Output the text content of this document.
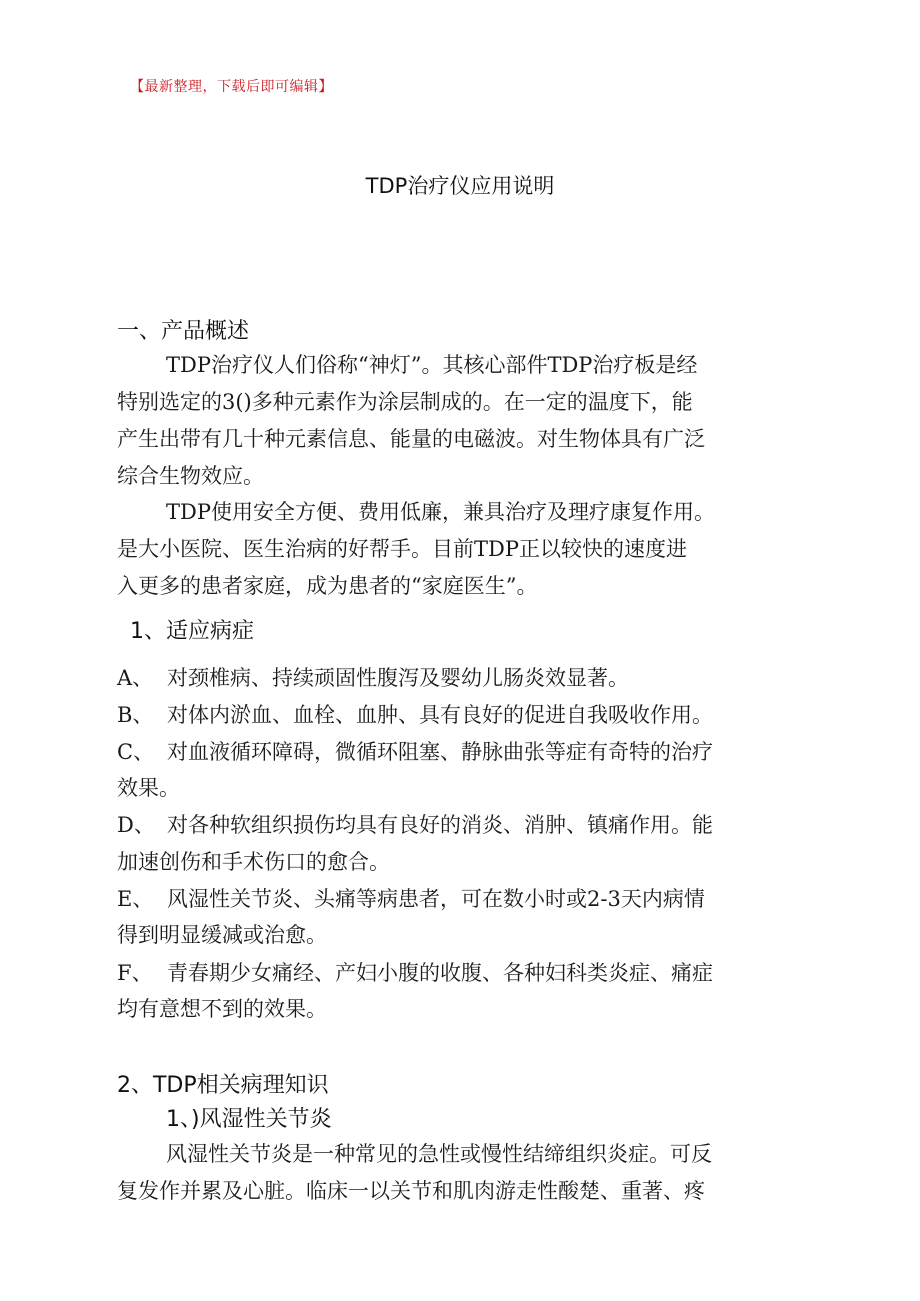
【最新整理，下载后即可编辑】
TDP治疗仪应用说明
一、产品概述
TDP治疗仪人们俗称“神灯”。其核心部件TDP治疗板是经
特别选定的3()多种元素作为涂层制成的。在一定的温度下，能
产生出带有几十种元素信息、能量的电磁波。对生物体具有广泛
综合生物效应。
TDP使用安全方便、费用低廉，兼具治疗及理疗康复作用。
是大小医院、医生治病的好帮手。目前TDP正以较快的速度进
入更多的患者家庭，成为患者的“家庭医生”。
1、适应病症
A、 对颈椎病、持续顽固性腹泻及婴幼儿肠炎效显著。
B、 对体内淤血、血栓、血肿、具有良好的促进自我吸收作用。
C、 对血液循环障碍，微循环阻塞、静脉曲张等症有奇特的治疗
效果。
D、 对各种软组织损伤均具有良好的消炎、消肿、镇痛作用。能
加速创伤和手术伤口的愈合。
E、 风湿性关节炎、头痛等病患者，可在数小时或2-3天内病情
得到明显缓减或治愈。
F、 青春期少女痛经、产妇小腹的收腹、各种妇科类炎症、痛症
均有意想不到的效果。
2、TDP相关病理知识
1、)风湿性关节炎
风湿性关节炎是一种常见的急性或慢性结缔组织炎症。可反
复发作并累及心脏。临床一以关节和肌肉游走性酸楚、重著、疼
